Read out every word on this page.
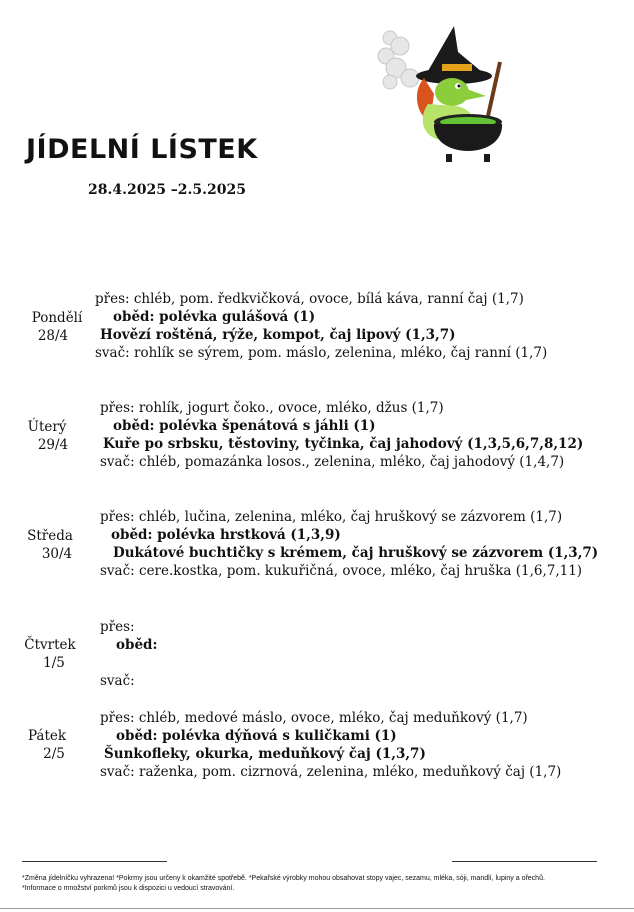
JÍDELNÍ LÍSTEK
28.4.2025 –2.5.2025
Pondělí
28/4
přes: chléb, pom. ředkvičková, ovoce, bílá káva, ranní čaj (1,7)
oběd: polévka gulášová (1)
Hovězí roštěná, rýže, kompot, čaj lipový (1,3,7)
svač: rohlík se sýrem, pom. máslo, zelenina, mléko, čaj ranní (1,7)
Úterý
29/4
přes: rohlík, jogurt čoko., ovoce, mléko, džus (1,7)
oběd: polévka špenátová s jáhli (1)
Kuře po srbsku, těstoviny, tyčinka, čaj jahodový (1,3,5,6,7,8,12)
svač: chléb, pomazánka losos., zelenina, mléko, čaj jahodový (1,4,7)
Středa
30/4
přes: chléb, lučina, zelenina, mléko, čaj hruškový se zázvorem (1,7)
oběd: polévka hrstková (1,3,9)
Dukátové buchtičky s krémem, čaj hruškový se zázvorem (1,3,7)
svač: cere.kostka, pom. kukuřičná, ovoce, mléko, čaj hruška (1,6,7,11)
Čtvrtek
1/5
přes:
oběd:
svač:
Pátek
2/5
přes: chléb, medové máslo, ovoce, mléko, čaj meduňkový (1,7)
oběd: polévka dýňová s kuličkami (1)
Šunkofleky, okurka, meduňkový čaj (1,3,7)
svač: raženka, pom. cizrnová, zelenina, mléko, meduňkový čaj (1,7)
*Změna jídelníčku vyhrazena! *Pokrmy jsou určeny k okamžité spotřebě. *Pekařské výrobky mohou obsahovat stopy vajec, sezamu, mléka, sóji, mandlí, lupiny a ořechů.
*Informace o množství porkmů jsou k dispozici u vedoucí stravování.
